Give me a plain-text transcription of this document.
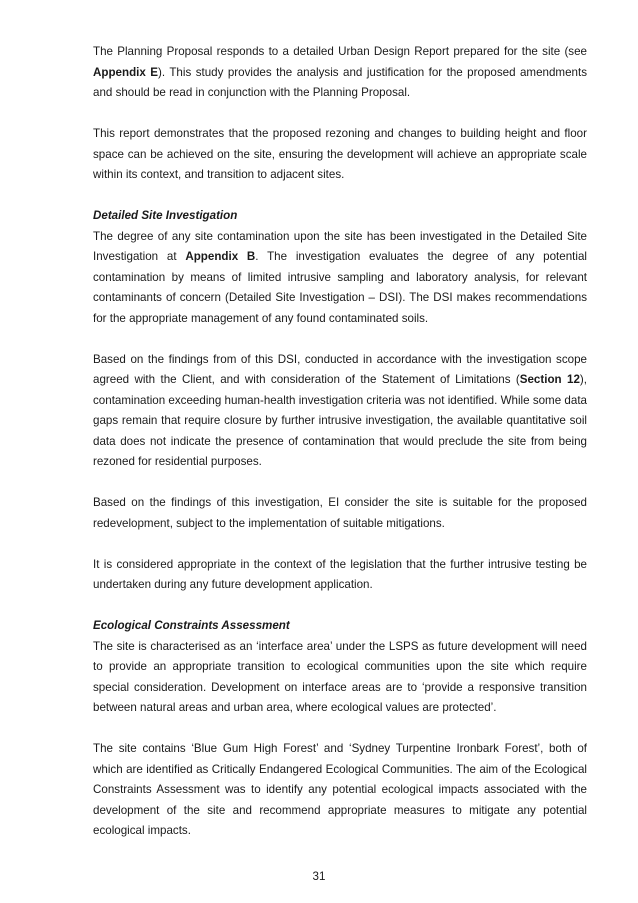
The Planning Proposal responds to a detailed Urban Design Report prepared for the site (see Appendix E). This study provides the analysis and justification for the proposed amendments and should be read in conjunction with the Planning Proposal.

This report demonstrates that the proposed rezoning and changes to building height and floor space can be achieved on the site, ensuring the development will achieve an appropriate scale within its context, and transition to adjacent sites.

Detailed Site Investigation

The degree of any site contamination upon the site has been investigated in the Detailed Site Investigation at Appendix B. The investigation evaluates the degree of any potential contamination by means of limited intrusive sampling and laboratory analysis, for relevant contaminants of concern (Detailed Site Investigation – DSI). The DSI makes recommendations for the appropriate management of any found contaminated soils.

Based on the findings from of this DSI, conducted in accordance with the investigation scope agreed with the Client, and with consideration of the Statement of Limitations (Section 12), contamination exceeding human-health investigation criteria was not identified. While some data gaps remain that require closure by further intrusive investigation, the available quantitative soil data does not indicate the presence of contamination that would preclude the site from being rezoned for residential purposes.

Based on the findings of this investigation, EI consider the site is suitable for the proposed redevelopment, subject to the implementation of suitable mitigations.

It is considered appropriate in the context of the legislation that the further intrusive testing be undertaken during any future development application.

Ecological Constraints Assessment

The site is characterised as an ‘interface area’ under the LSPS as future development will need to provide an appropriate transition to ecological communities upon the site which require special consideration. Development on interface areas are to ‘provide a responsive transition between natural areas and urban area, where ecological values are protected’.

The site contains ‘Blue Gum High Forest’ and ‘Sydney Turpentine Ironbark Forest’, both of which are identified as Critically Endangered Ecological Communities. The aim of the Ecological Constraints Assessment was to identify any potential ecological impacts associated with the development of the site and recommend appropriate measures to mitigate any potential ecological impacts.

31
